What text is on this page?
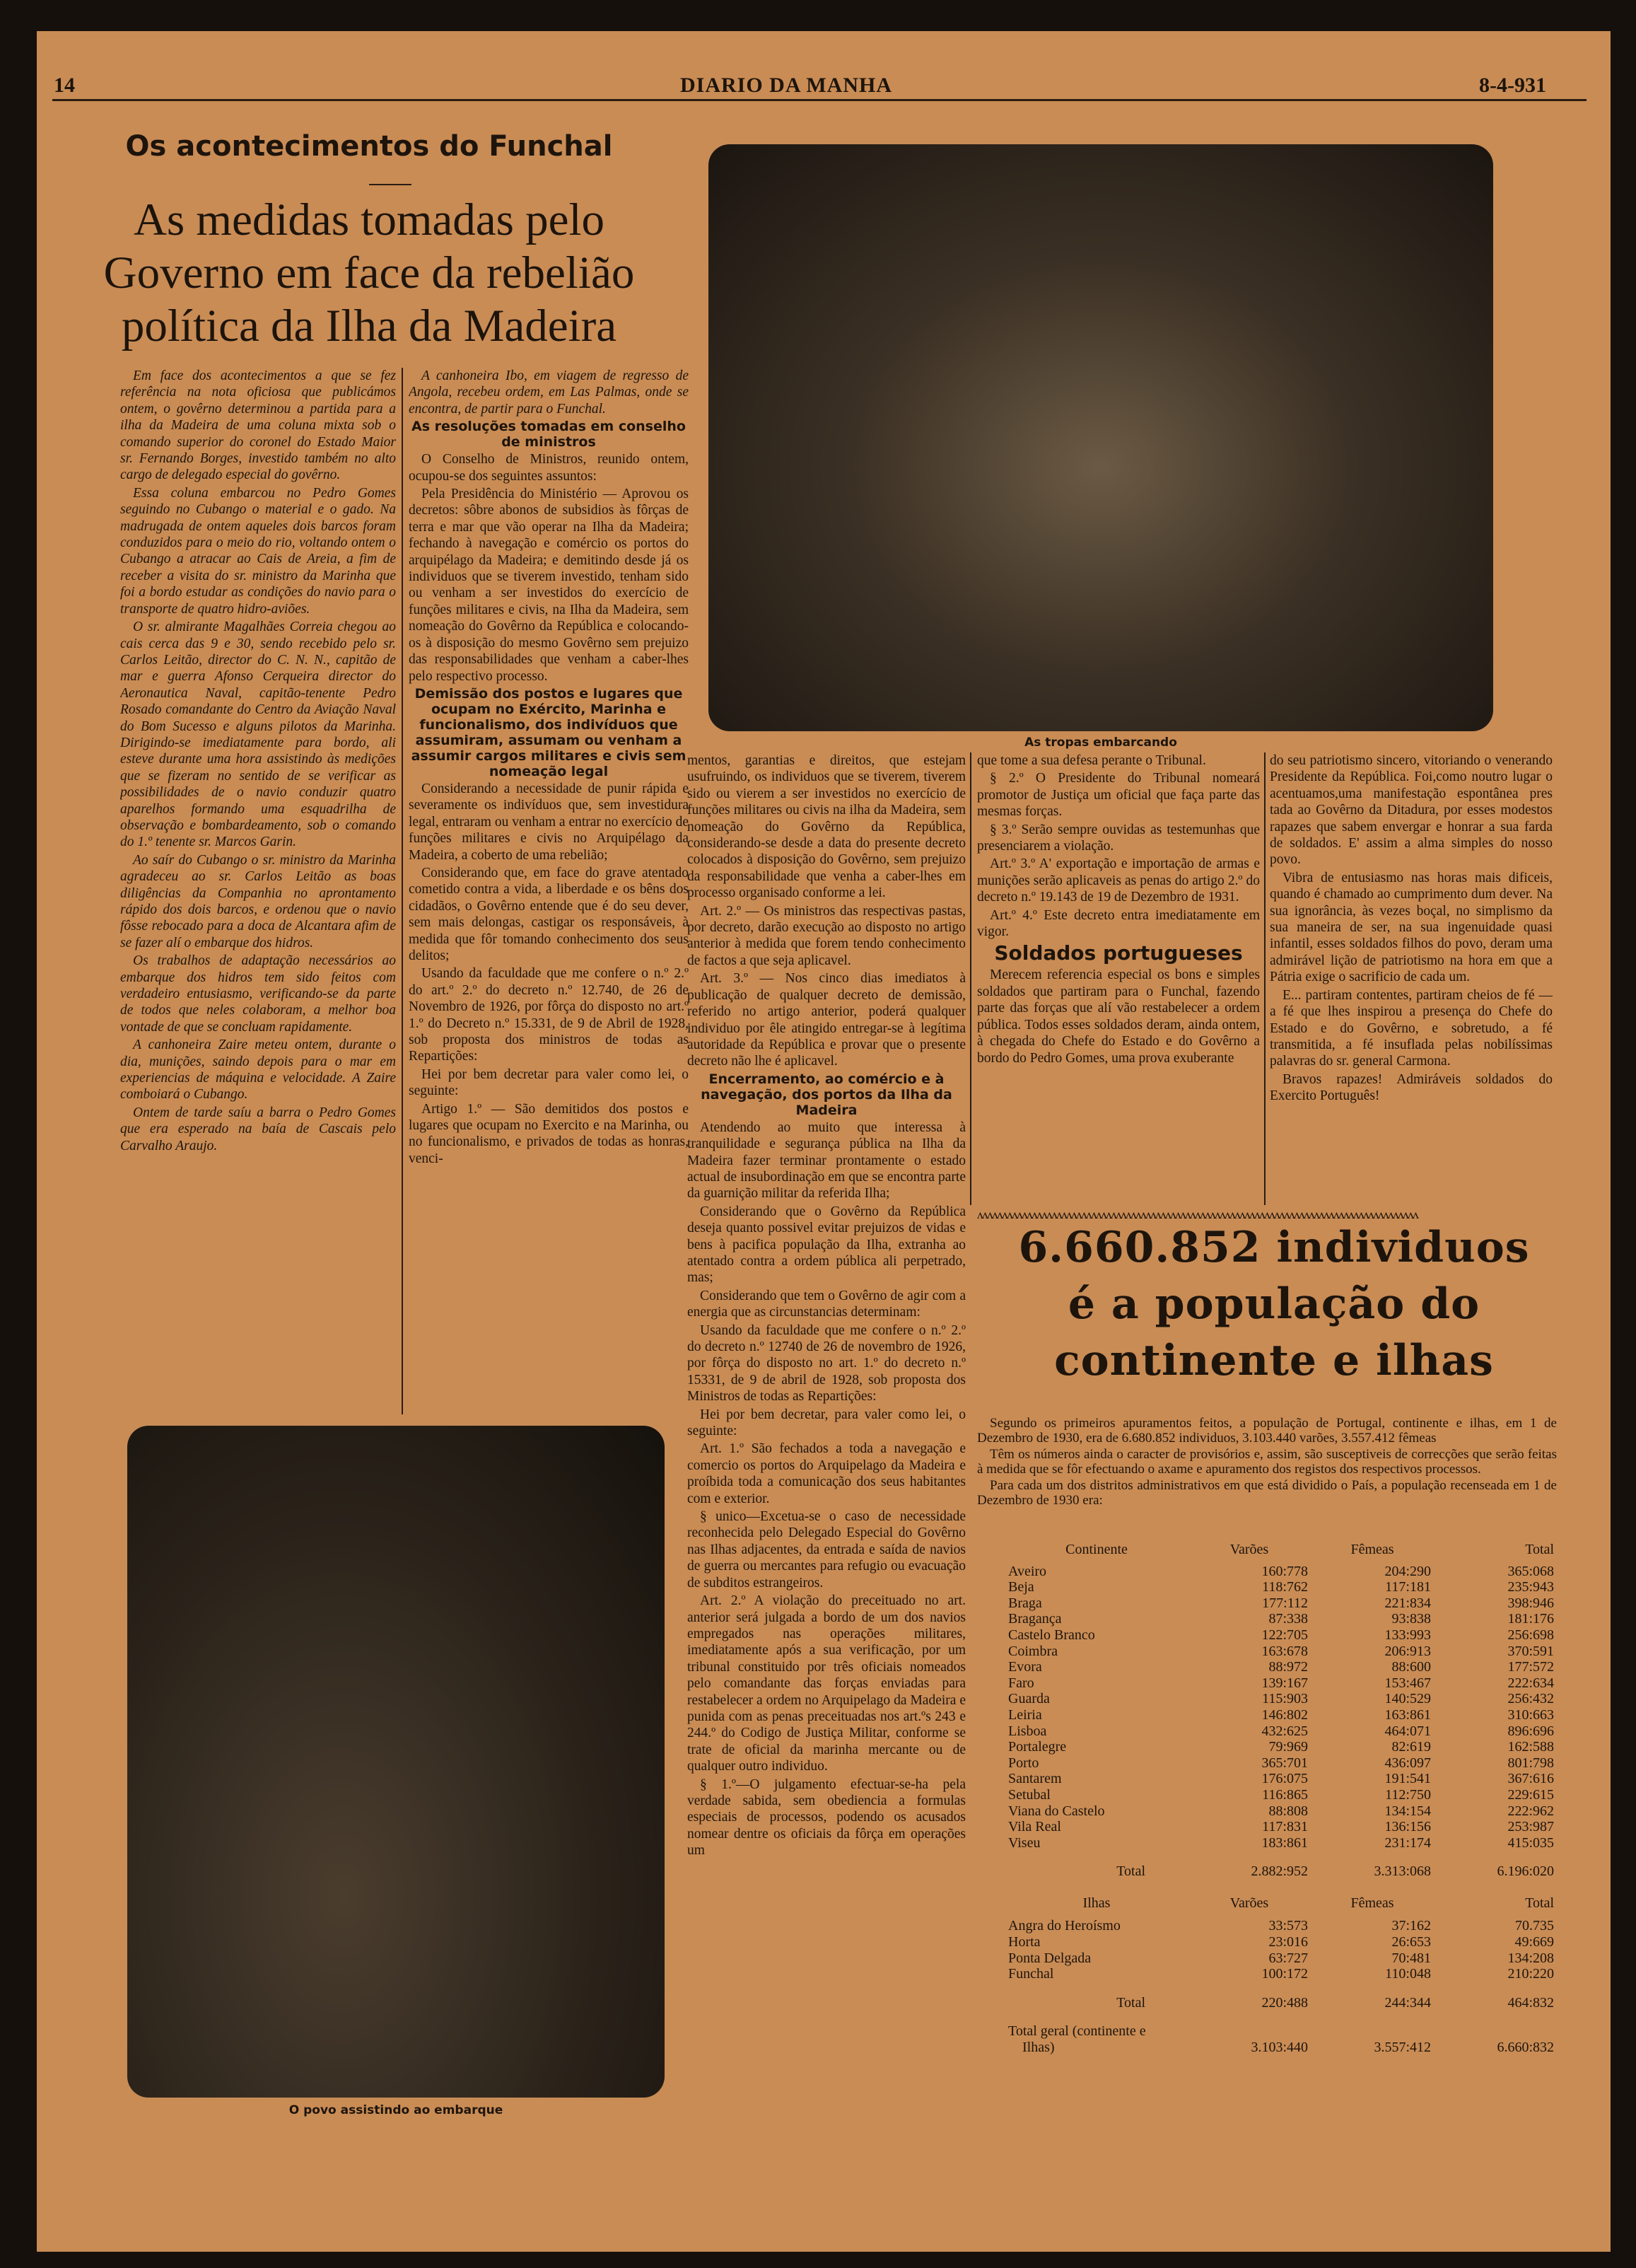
14	DIARIO DA MANHA	8-4-931
Os acontecimentos do Funchal
As medidas tomadas pelo
Governo em face da rebelião
política da Ilha da Madeira

Em face dos acontecimentos a que se fez referência na nota oficiosa que publicámos ontem, o govêrno determinou a partida para a ilha da Madeira de uma coluna mixta sob o comando superior do coronel do Estado Maior sr. Fernando Borges, investido também no alto cargo de delegado especial do govêrno.

Essa coluna embarcou no Pedro Gomes seguindo no Cubango o material e o gado. Na madrugada de ontem aqueles dois barcos foram conduzidos para o meio do rio, voltando ontem o Cubango a atracar ao Cais de Areia, a fim de receber a visita do sr. ministro da Marinha que foi a bordo estudar as condições do navio para o transporte de quatro hidro-aviões.

O sr. almirante Magalhães Correia chegou ao cais cerca das 9 e 30, sendo recebido pelo sr. Carlos Leitão, director do C. N. N., capitão de mar e guerra Afonso Cerqueira director do Aeronautica Naval, capitão-tenente Pedro Rosado comandante do Centro da Aviação Naval do Bom Sucesso e alguns pilotos da Marinha. Dirigindo-se imediatamente para bordo, ali esteve durante uma hora assistindo às medições que se fizeram no sentido de se verificar as possibilidades de o navio conduzir quatro aparelhos formando uma esquadrilha de observação e bombardeamento, sob o comando do 1.º tenente sr. Marcos Garin.

Ao saír do Cubango o sr. ministro da Marinha agradeceu ao sr. Carlos Leitão as boas diligências da Companhia no aprontamento rápido dos dois barcos, e ordenou que o navio fôsse rebocado para a doca de Alcantara afim de se fazer alí o embarque dos hidros.

Os trabalhos de adaptação necessários ao embarque dos hidros tem sido feitos com verdadeiro entusiasmo, verificando-se da parte de todos que neles colaboram, a melhor boa vontade de que se concluam rapidamente.

A canhoneira Zaire meteu ontem, durante o dia, munições, saindo depois para o mar em experiencias de máquina e velocidade. A Zaire comboiará o Cubango.

Ontem de tarde saíu a barra o Pedro Gomes que era esperado na baía de Cascais pelo Carvalho Araujo.

A canhoneira Ibo, em viagem de regresso de Angola, recebeu ordem, em Las Palmas, onde se encontra, de partir para o Funchal.

As resoluções tomadas em conselho de ministros

O Conselho de Ministros, reunido ontem, ocupou-se dos seguintes assuntos:

Pela Presidência do Ministério — Aprovou os decretos: sôbre abonos de subsidios às fôrças de terra e mar que vão operar na Ilha da Madeira; fechando à navegação e comércio os portos do arquipélago da Madeira; e demitindo desde já os individuos que se tiverem investido, tenham sido ou venham a ser investidos do exercício de funções militares e civis, na Ilha da Madeira, sem nomeação do Govêrno da República e colocando-os à disposição do mesmo Govêrno sem prejuizo das responsabilidades que venham a caber-lhes pelo respectivo processo.

Demissão dos postos e lugares que ocupam no Exército, Marinha e funcionalismo, dos indivíduos que assumiram, assumam ou venham a assumir cargos militares e civis sem nomeação legal

Considerando a necessidade de punir rápida e severamente os indivíduos que, sem investidura legal, entraram ou venham a entrar no exercício de funções militares e civis no Arquipélago da Madeira, a coberto de uma rebelião;

Considerando que, em face do grave atentado cometido contra a vida, a liberdade e os bêns dos cidadãos, o Govêrno entende que é do seu dever, sem mais delongas, castigar os responsáveis, à medida que fôr tomando conhecimento dos seus delitos;

Usando da faculdade que me confere o n.º 2.º do art.º 2.º do decreto n.º 12.740, de 26 de Novembro de 1926, por fôrça do disposto no art.º 1.º do Decreto n.º 15.331, de 9 de Abril de 1928, sob proposta dos ministros de todas as Repartições:

Hei por bem decretar para valer como lei, o seguinte:

Artigo 1.º — São demitidos dos postos e lugares que ocupam no Exercito e na Marinha, ou no funcionalismo, e privados de todas as honras, venci-

As tropas embarcando

mentos, garantias e direitos, que estejam usufruindo, os individuos que se tiverem, tiverem sido ou vierem a ser investidos no exercício de funções militares ou civis na ilha da Madeira, sem nomeação do Govêrno da República, considerando-se desde a data do presente decreto colocados à disposição do Govêrno, sem prejuizo da responsabilidade que venha a caber-lhes em processo organisado conforme a lei.

Art. 2.º — Os ministros das respectivas pastas, por decreto, darão execução ao disposto no artigo anterior à medida que forem tendo conhecimento de factos a que seja aplicavel.

Art. 3.º — Nos cinco dias imediatos à publicação de qualquer decreto de demissão, referido no artigo anterior, poderá qualquer individuo por êle atingido entregar-se à legítima autoridade da República e provar que o presente decreto não lhe é aplicavel.

Encerramento, ao comércio e à navegação, dos portos da Ilha da Madeira

Atendendo ao muito que interessa à tranquilidade e segurança pública na Ilha da Madeira fazer terminar prontamente o estado actual de insubordinação em que se encontra parte da guarnição militar da referida Ilha;

Considerando que o Govêrno da República deseja quanto possivel evitar prejuizos de vidas e bens à pacifica população da Ilha, extranha ao atentado contra a ordem pública ali perpetrado, mas;

Considerando que tem o Govêrno de agir com a energia que as circunstancias determinam:

Usando da faculdade que me confere o n.º 2.º do decreto n.º 12740 de 26 de novembro de 1926, por fôrça do disposto no art. 1.º do decreto n.º 15331, de 9 de abril de 1928, sob proposta dos Ministros de todas as Repartições:

Hei por bem decretar, para valer como lei, o seguinte:

Art. 1.º São fechados a toda a navegação e comercio os portos do Arquipelago da Madeira e proíbida toda a comunicação dos seus habitantes com e exterior.

§ unico—Excetua-se o caso de necessidade reconhecida pelo Delegado Especial do Govêrno nas Ilhas adjacentes, da entrada e saída de navios de guerra ou mercantes para refugio ou evacuação de subditos estrangeiros.

Art. 2.º A violação do preceituado no art. anterior será julgada a bordo de um dos navios empregados nas operações militares, imediatamente após a sua verificação, por um tribunal constituido por três oficiais nomeados pelo comandante das forças enviadas para restabelecer a ordem no Arquipelago da Madeira e punida com as penas preceituadas nos art.ºs 243 e 244.º do Codigo de Justiça Militar, conforme se trate de oficial da marinha mercante ou de qualquer outro individuo.

§ 1.º—O julgamento efectuar-se-ha pela verdade sabida, sem obediencia a formulas especiais de processos, podendo os acusados nomear dentre os oficiais da fôrça em operações um

que tome a sua defesa perante o Tribunal.

§ 2.º O Presidente do Tribunal nomeará promotor de Justiça um oficial que faça parte das mesmas forças.

§ 3.º Serão sempre ouvidas as testemunhas que presenciarem a violação.

Art.º 3.º A' exportação e importação de armas e munições serão aplicaveis as penas do artigo 2.º do decreto n.º 19.143 de 19 de Dezembro de 1931.

Art.º 4.º Este decreto entra imediatamente em vigor.

Soldados portugueses

Merecem referencia especial os bons e simples soldados que partiram para o Funchal, fazendo parte das forças que alí vão restabelecer a ordem pública. Todos esses soldados deram, ainda ontem, à chegada do Chefe do Estado e do Govêrno a bordo do Pedro Gomes, uma prova exuberante

do seu patriotismo sincero, vitoriando o venerando Presidente da República. Foi,como noutro lugar o acentuamos,uma manifestação espontânea pres tada ao Govêrno da Ditadura, por esses modestos rapazes que sabem envergar e honrar a sua farda de soldados. E' assim a alma simples do nosso povo.

Vibra de entusiasmo nas horas mais dificeis, quando é chamado ao cumprimento dum dever. Na sua ignorância, às vezes boçal, no simplismo da sua maneira de ser, na sua ingenuidade quasi infantil, esses soldados filhos do povo, deram uma admirável lição de patriotismo na hora em que a Pátria exige o sacrificio de cada um.

E... partiram contentes, partiram cheios de fé — a fé que lhes inspirou a presença do Chefe do Estado e do Govêrno, e sobretudo, a fé transmitida, a fé insuflada pelas nobilíssimas palavras do sr. general Carmona.

Bravos rapazes! Admiráveis soldados do Exercito Português!

ᴧᴧᴧᴧᴧᴧᴧᴧᴧᴧᴧᴧᴧᴧᴧᴧᴧᴧᴧᴧᴧᴧᴧᴧᴧᴧᴧᴧᴧᴧᴧᴧᴧᴧᴧᴧᴧᴧᴧᴧᴧᴧᴧᴧᴧᴧᴧᴧᴧᴧᴧᴧᴧᴧᴧᴧᴧᴧᴧᴧᴧᴧᴧᴧᴧᴧᴧᴧᴧᴧᴧᴧᴧᴧᴧᴧᴧᴧᴧᴧᴧᴧᴧᴧᴧᴧᴧᴧᴧ
O povo assistindo ao embarque
6.660.852 individuos
é a população do
continente e ilhas

Segundo os primeiros apuramentos feitos, a população de Portugal, continente e ilhas, em 1 de Dezembro de 1930, era de 6.680.852 individuos, 3.103.440 varões, 3.557.412 fêmeas

Têm os números ainda o caracter de provisórios e, assim, são susceptiveis de correcções que serão feitas à medida que se fôr efectuando o axame e apuramento dos registos dos respectivos processos.

Para cada um dos distritos administrativos em que está dividido o País, a população recenseada em 1 de Dezembro de 1930 era:

Continente	Varões	Fêmeas	Total

Aveiro	160:778	204:290	365:068
Beja	118:762	117:181	235:943
Braga	177:112	221:834	398:946
Bragança	87:338	93:838	181:176
Castelo Branco	122:705	133:993	256:698
Coimbra	163:678	206:913	370:591
Evora	88:972	88:600	177:572
Faro	139:167	153:467	222:634
Guarda	115:903	140:529	256:432
Leiria	146:802	163:861	310:663
Lisboa	432:625	464:071	896:696
Portalegre	79:969	82:619	162:588
Porto	365:701	436:097	801:798
Santarem	176:075	191:541	367:616
Setubal	116:865	112:750	229:615
Viana do Castelo	88:808	134:154	222:962
Vila Real	117:831	136:156	253:987
Viseu	183:861	231:174	415:035

Total	2.882:952	3.313:068	6.196:020

Ilhas	Varões	Fêmeas	Total

Angra do Heroísmo	33:573	37:162	70.735
Horta	23:016	26:653	49:669
Ponta Delgada	63:727	70:481	134:208
Funchal	100:172	110:048	210:220

Total	220:488	244:344	464:832

Total geral (continente e			
Ilhas)	3.103:440	3.557:412	6.660:832
